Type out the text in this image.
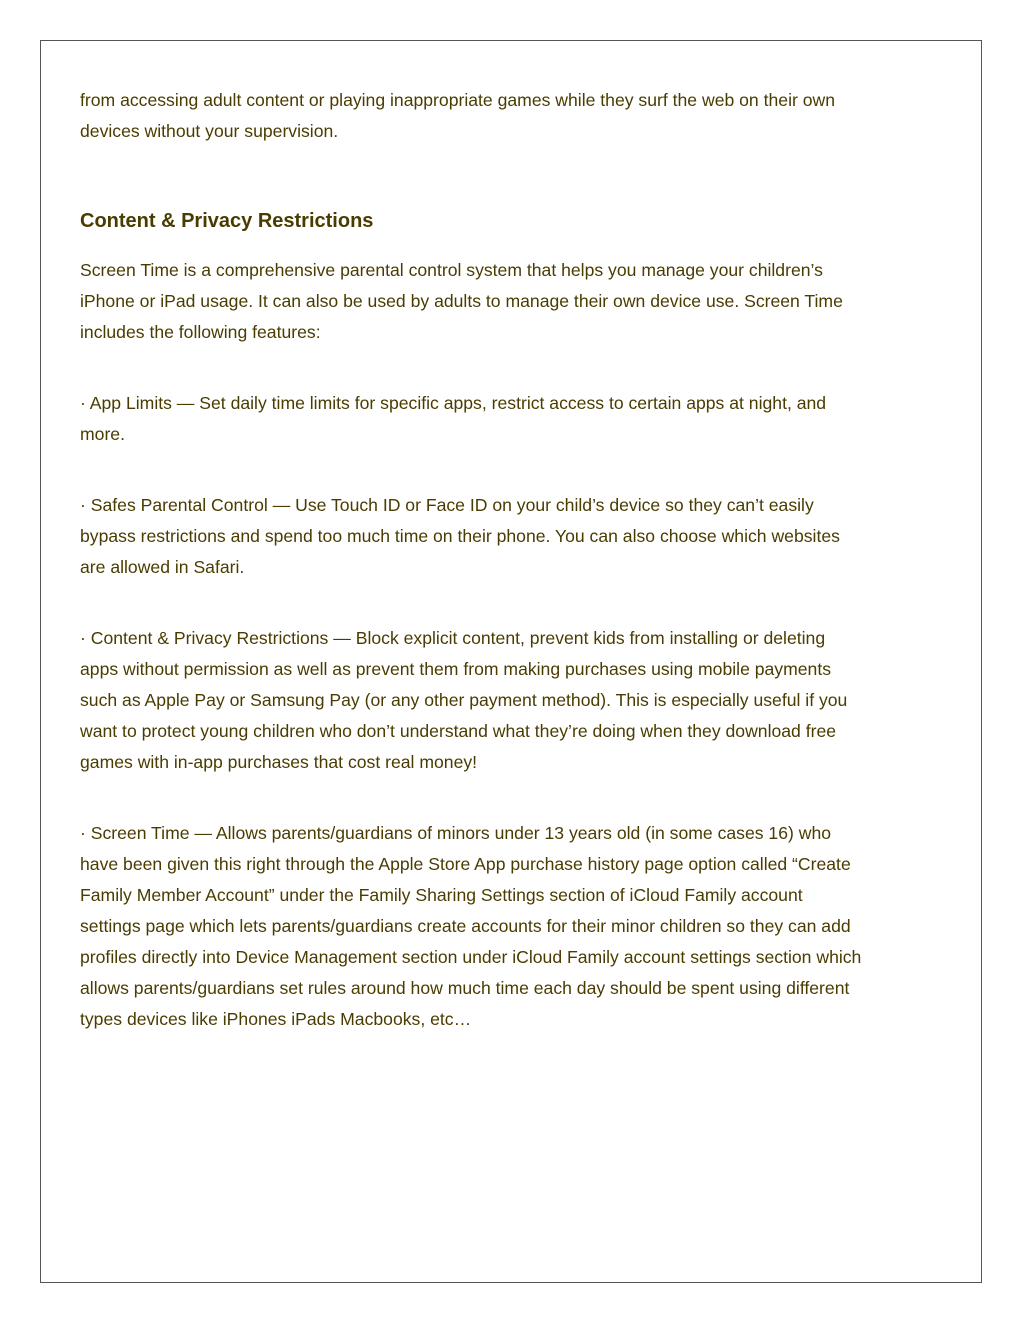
from accessing adult content or playing inappropriate games while they surf the web on their own devices without your supervision.

Content & Privacy Restrictions

Screen Time is a comprehensive parental control system that helps you manage your children’s iPhone or iPad usage. It can also be used by adults to manage their own device use. Screen Time includes the following features:

· App Limits — Set daily time limits for specific apps, restrict access to certain apps at night, and more.

· Safes Parental Control — Use Touch ID or Face ID on your child’s device so they can’t easily bypass restrictions and spend too much time on their phone. You can also choose which websites are allowed in Safari.

· Content & Privacy Restrictions — Block explicit content, prevent kids from installing or deleting apps without permission as well as prevent them from making purchases using mobile payments such as Apple Pay or Samsung Pay (or any other payment method). This is especially useful if you want to protect young children who don’t understand what they’re doing when they download free games with in-app purchases that cost real money!

· Screen Time — Allows parents/guardians of minors under 13 years old (in some cases 16) who have been given this right through the Apple Store App purchase history page option called “Create Family Member Account” under the Family Sharing Settings section of iCloud Family account settings page which lets parents/guardians create accounts for their minor children so they can add profiles directly into Device Management section under iCloud Family account settings section which allows parents/guardians set rules around how much time each day should be spent using different types devices like iPhones iPads Macbooks, etc…
